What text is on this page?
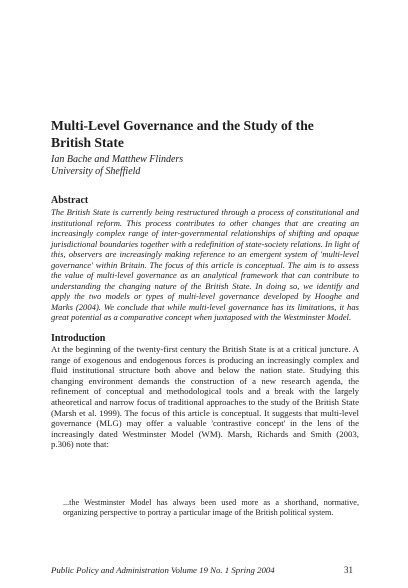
Multi-Level Governance and the Study of the British State
Ian Bache and Matthew Flinders
University of Sheffield
Abstract

The British State is currently being restructured through a process of constitutional and institutional reform. This process contributes to other changes that are creating an increasingly complex range of inter-governmental relationships of shifting and opaque jurisdictional boundaries together with a redefinition of state-society relations. In light of this, observers are increasingly making reference to an emergent system of 'multi-level governance' within Britain. The focus of this article is conceptual. The aim is to assess the value of multi-level governance as an analytical framework that can contribute to understanding the changing nature of the British State. In doing so, we identify and apply the two models or types of multi-level governance developed by Hooghe and Marks (2004). We conclude that while multi-level governance has its limitations, it has great potential as a comparative concept when juxtaposed with the Westminster Model.

Introduction

At the beginning of the twenty-first century the British State is at a critical juncture. A range of exogenous and endogenous forces is producing an increasingly complex and fluid institutional structure both above and below the nation state. Studying this changing environment demands the construction of a new research agenda, the refinement of conceptual and methodological tools and a break with the largely atheoretical and narrow focus of traditional approaches to the study of the British State (Marsh et al. 1999). The focus of this article is conceptual. It suggests that multi-level governance (MLG) may offer a valuable 'contrastive concept' in the lens of the increasingly dated Westminster Model (WM). Marsh, Richards and Smith (2003, p.306) note that:

...the Westminster Model has always been used more as a shorthand, normative, organizing perspective to portray a particular image of the British political system.

Public Policy and Administration Volume 19 No. 1 Spring 2004	31
